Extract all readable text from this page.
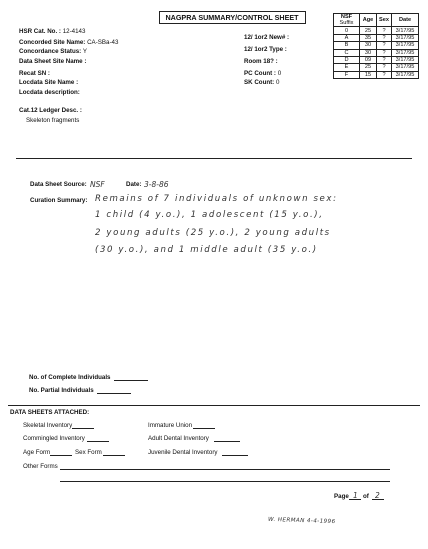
NAGPRA SUMMARY/CONTROL SHEET
HSR Cat. No. : 12-4143
Concorded Site Name: CA-SBa-43
Concordance Status: Y
Data Sheet Site Name :
Recat SN :
Locdata Site Name :
Locdata description:
Cat.12 Ledger Desc. :
Skeleton fragments
12/ 1or2 New# :
12/ 1or2 Type :
Room 18? :
PC Count : 0
SK Count: 0
NSF
Suffix	Age	Sex	Date
0	25	?	3/17/95
A	35	?	3/17/95
B	30	?	3/17/95
C	30	?	3/17/95
D	09	?	3/17/95
E	25	?	3/17/95
F	15	?	3/17/95
Data Sheet Source: NSF	Date: 3-8-86
Curation Summary: Remains of 7 individuals of unknown sex:
1 child (4 y.o.), 1 adolescent (15 y.o.),
2 young adults (25 y.o.), 2 young adults
(30 y.o.), and 1 middle adult (35 y.o.)
No. of Complete Individuals
No. Partial Individuals
DATA SHEETS ATTACHED:
Skeletal Inventory
Commingled Inventory
Age Form	Sex Form
Immature Union
Adult Dental Inventory
Juvenile Dental Inventory
Other Forms
Page 1 of 2
W. HERMAN 4-4-1996
